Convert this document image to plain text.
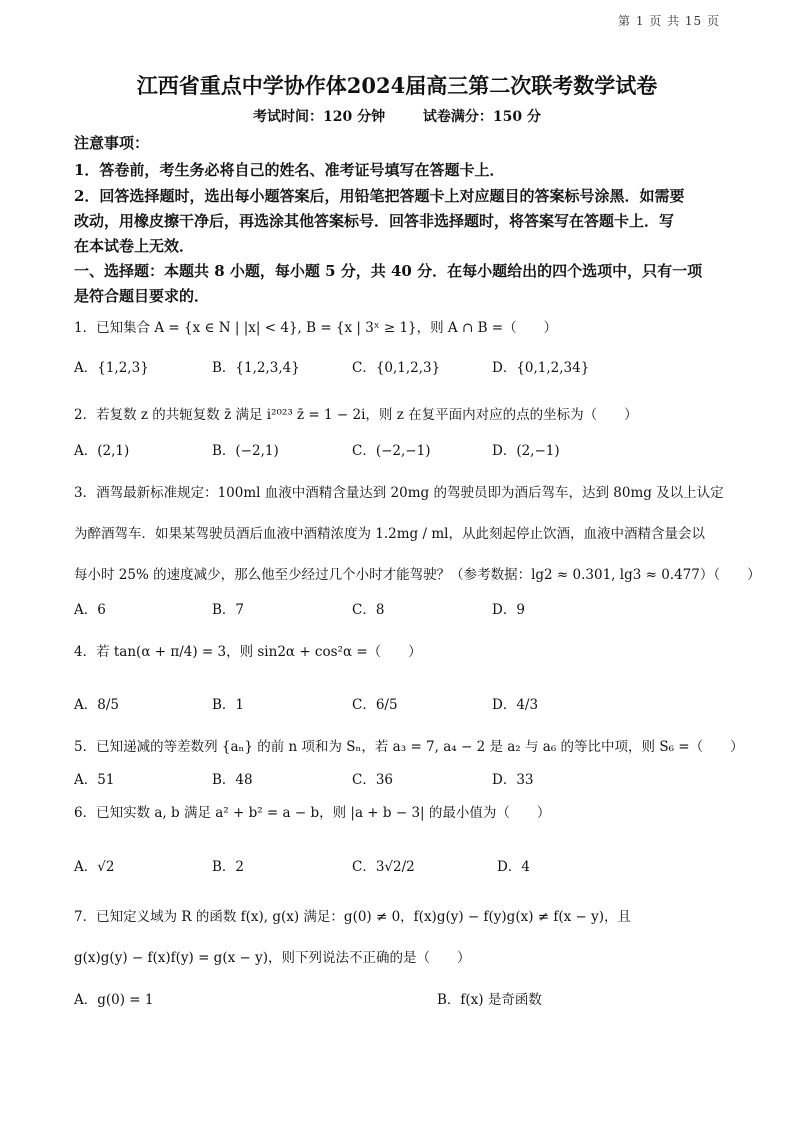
第 1 页 共 15 页
江西省重点中学协作体2024届高三第二次联考数学试卷
考试时间：120 分钟	试卷满分：150 分
注意事项：
1．答卷前，考生务必将自己的姓名、准考证号填写在答题卡上．
2．回答选择题时，选出每小题答案后，用铅笔把答题卡上对应题目的答案标号涂黑．如需要
改动，用橡皮擦干净后，再选涂其他答案标号．回答非选择题时，将答案写在答题卡上．写
在本试卷上无效．
一、选择题：本题共 8 小题，每小题 5 分，共 40 分．在每小题给出的四个选项中，只有一项
是符合题目要求的．
1．已知集合 A = {x ∈ N | |x| < 4}, B = {x | 3ˣ ≥ 1}，则 A ∩ B =（　　）
A．{1,2,3}	B．{1,2,3,4}	C．{0,1,2,3}	D．{0,1,2,34}
2．若复数 z 的共轭复数 z̄ 满足 i²⁰²³ z̄ = 1 − 2i，则 z 在复平面内对应的点的坐标为（　　）
A．(2,1)	B．(−2,1)	C．(−2,−1)	D．(2,−1)
3．酒驾最新标准规定：100ml 血液中酒精含量达到 20mg 的驾驶员即为酒后驾车，达到 80mg 及以上认定
为醉酒驾车．如果某驾驶员酒后血液中酒精浓度为 1.2mg / ml，从此刻起停止饮酒，血液中酒精含量会以
每小时 25% 的速度减少，那么他至少经过几个小时才能驾驶？（参考数据：lg2 ≈ 0.301, lg3 ≈ 0.477）（　　）
A．6	B．7	C．8	D．9
4．若 tan(α + π/4) = 3，则 sin2α + cos²α =（　　）
A．8/5	B．1	C．6/5	D．4/3
5．已知递减的等差数列 {aₙ} 的前 n 项和为 Sₙ，若 a₃ = 7, a₄ − 2 是 a₂ 与 a₆ 的等比中项，则 S₆ =（　　）
A．51	B．48	C．36	D．33
6．已知实数 a, b 满足 a² + b² = a − b，则 |a + b − 3| 的最小值为（　　）
A．√2	B．2	C．3√2/2	D．4
7．已知定义域为 R 的函数 f(x), g(x) 满足：g(0) ≠ 0，f(x)g(y) − f(y)g(x) ≠ f(x − y)，且
g(x)g(y) − f(x)f(y) = g(x − y)，则下列说法不正确的是（　　）
A．g(0) = 1	B．f(x) 是奇函数
